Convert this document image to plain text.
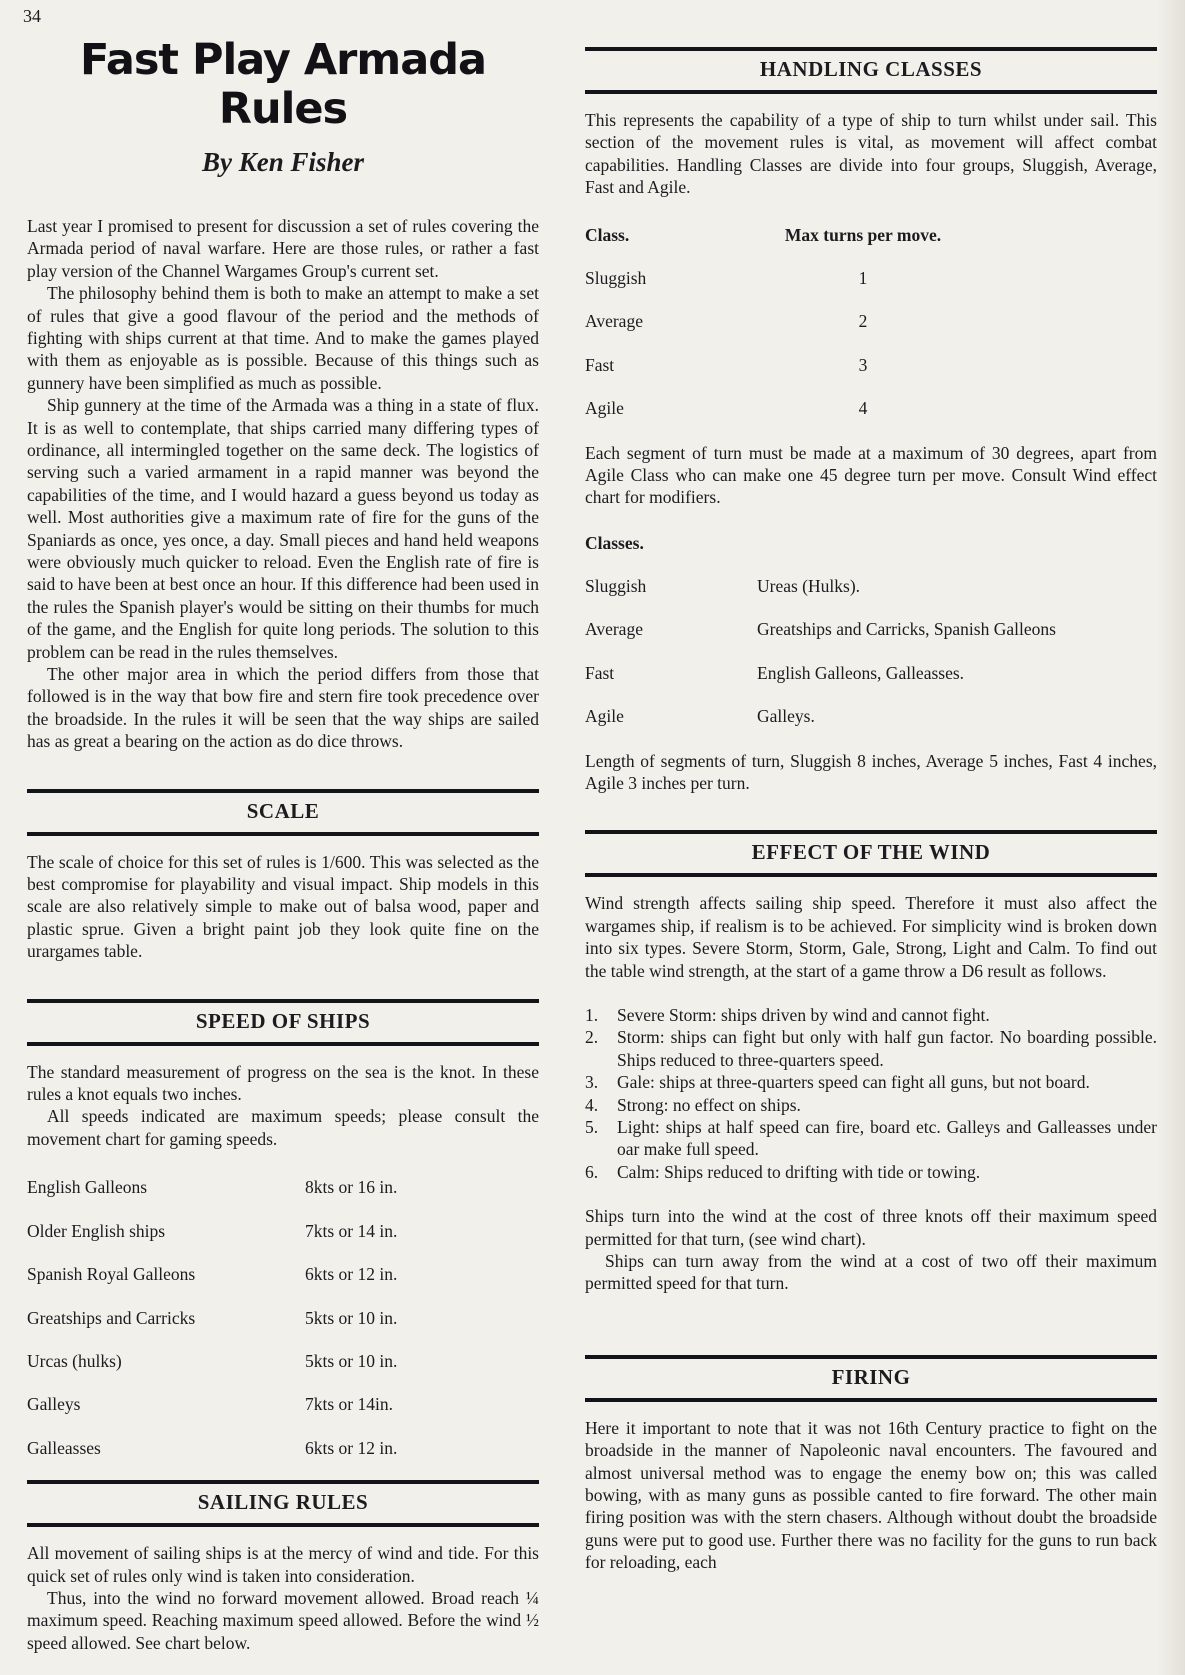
34
Fast Play Armada Rules
By Ken Fisher

Last year I promised to present for discussion a set of rules covering the Armada period of naval warfare. Here are those rules, or rather a fast play version of the Channel Wargames Group's current set.

The philosophy behind them is both to make an attempt to make a set of rules that give a good flavour of the period and the methods of fighting with ships current at that time. And to make the games played with them as enjoyable as is possible. Because of this things such as gunnery have been simplified as much as possible.

Ship gunnery at the time of the Armada was a thing in a state of flux. It is as well to contemplate, that ships carried many differing types of ordinance, all intermingled together on the same deck. The logistics of serving such a varied armament in a rapid manner was beyond the capabilities of the time, and I would hazard a guess beyond us today as well. Most authorities give a maximum rate of fire for the guns of the Spaniards as once, yes once, a day. Small pieces and hand held weapons were obviously much quicker to reload. Even the English rate of fire is said to have been at best once an hour. If this difference had been used in the rules the Spanish player's would be sitting on their thumbs for much of the game, and the English for quite long periods. The solution to this problem can be read in the rules themselves.

The other major area in which the period differs from those that followed is in the way that bow fire and stern fire took precedence over the broadside. In the rules it will be seen that the way ships are sailed has as great a bearing on the action as do dice throws.

SCALE

The scale of choice for this set of rules is 1/600. This was selected as the best compromise for playability and visual impact. Ship models in this scale are also relatively simple to make out of balsa wood, paper and plastic sprue. Given a bright paint job they look quite fine on the urargames table.

SPEED OF SHIPS

The standard measurement of progress on the sea is the knot. In these rules a knot equals two inches.

All speeds indicated are maximum speeds; please consult the movement chart for gaming speeds.

English Galleons	8kts or 16 in.
Older English ships	7kts or 14 in.
Spanish Royal Galleons	6kts or 12 in.
Greatships and Carricks	5kts or 10 in.
Urcas (hulks)	5kts or 10 in.
Galleys	7kts or 14in.
Galleasses	6kts or 12 in.
SAILING RULES

All movement of sailing ships is at the mercy of wind and tide. For this quick set of rules only wind is taken into consideration.

Thus, into the wind no forward movement allowed. Broad reach ¼ maximum speed. Reaching maximum speed allowed. Before the wind ½ speed allowed. See chart below.

HANDLING CLASSES

This represents the capability of a type of ship to turn whilst under sail. This section of the movement rules is vital, as movement will affect combat capabilities. Handling Classes are divide into four groups, Sluggish, Average, Fast and Agile.

Class.	Max turns per move.
Sluggish	1
Average	2
Fast	3
Agile	4

Each segment of turn must be made at a maximum of 30 degrees, apart from Agile Class who can make one 45 degree turn per move. Consult Wind effect chart for modifiers.

Classes.
Sluggish	Ureas (Hulks).
Average	Greatships and Carricks, Spanish Galleons
Fast	English Galleons, Galleasses.
Agile	Galleys.

Length of segments of turn, Sluggish 8 inches, Average 5 inches, Fast 4 inches, Agile 3 inches per turn.

EFFECT OF THE WIND

Wind strength affects sailing ship speed. Therefore it must also affect the wargames ship, if realism is to be achieved. For simplicity wind is broken down into six types. Severe Storm, Storm, Gale, Strong, Light and Calm. To find out the table wind strength, at the start of a game throw a D6 result as follows.

1.	Severe Storm: ships driven by wind and cannot fight.
2.	Storm: ships can fight but only with half gun factor. No boarding possible. Ships reduced to three-quarters speed.
3.	Gale: ships at three-quarters speed can fight all guns, but not board.
4.	Strong: no effect on ships.
5.	Light: ships at half speed can fire, board etc. Galleys and Galleasses under oar make full speed.
6.	Calm: Ships reduced to drifting with tide or towing.

Ships turn into the wind at the cost of three knots off their maximum speed permitted for that turn, (see wind chart).

Ships can turn away from the wind at a cost of two off their maximum permitted speed for that turn.

FIRING

Here it important to note that it was not 16th Century practice to fight on the broadside in the manner of Napoleonic naval encounters. The favoured and almost universal method was to engage the enemy bow on; this was called bowing, with as many guns as possible canted to fire forward. The other main firing position was with the stern chasers. Although without doubt the broadside guns were put to good use. Further there was no facility for the guns to run back for reloading, each
